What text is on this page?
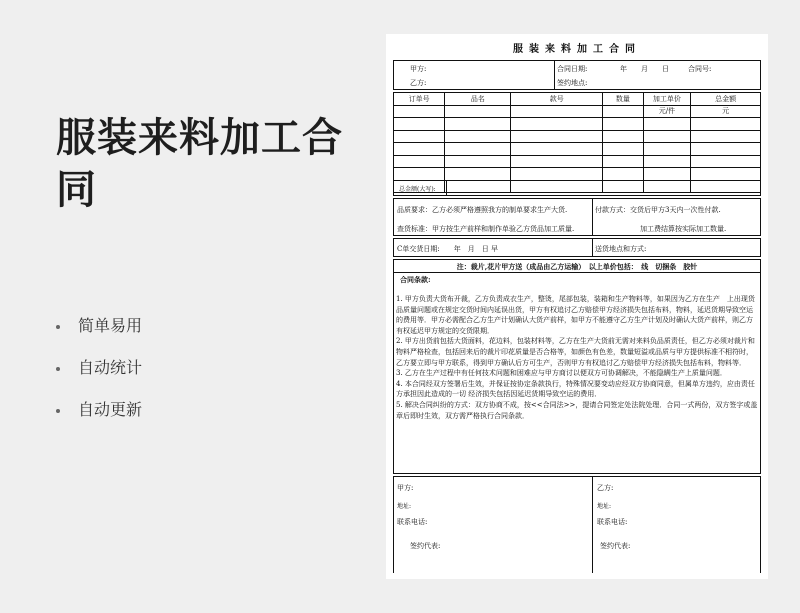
服装来料加工合同
简单易用
自动统计
自动更新
服装来料加工合同
甲方:
乙方:
合同日期:	年　　月　　日	合同号:
签约地点:
订单号	品名	款号	数量	加工单价	总金额
				元/件	元

总金额(大写):
品质要求：乙方必须严格遵照我方的制单要求生产大货.	付款方式：交货后甲方3天内一次性付款.
查货标准：甲方按生产前样和制作单验乙方货品加工质量.	加工费结算按实际加工数量.
C单交货日期:　　年　月　日 早	送货地点和方式:
注：裁片,花片甲方送（成品由乙方运输）　以上单价包括：　线　切捆条　胶针
合同条款:

1. 甲方负责大货布开裁，乙方负责成衣生产，整烫，尾部包装，装箱和生产物料等，如果因为乙方在生产　上出现货品质量问题或在规定交货时间内延误出货，甲方有权追讨乙方赔偿甲方经济损失包括布料，物料，延迟货期导致空运的费用等．甲方必需配合乙方生产计划确认大货产前样，如甲方不能遵守乙方生产计划及时确认大货产前样，则乙方有权延迟甲方规定的交货限期．

2. 甲方出货前包括大货面料，花边料，包装材料等，乙方在生产大货前无需对来料负品质责任，但乙方必须对裁片和物料严格检查，包括回来后的裁片印花质量是否合格等，如颜色有色差，数量短溢或品质与甲方提供标准不相符时，乙方要立即与甲方联系，得到甲方确认后方可生产，否则甲方有权追讨乙方赔偿甲方经济损失包括布料，物料等．

3. 乙方在生产过程中有任何技术问题和困难应与甲方商讨以便双方可协调解决，不能隐瞒生产上质量问题．

4. 本合同经双方签署后生效，并保证按协定条款执行，特殊情况要变动应经双方协商同意，但属单方违约，应由责任方承担因此造成的一切 经济损失包括因延迟货期导致空运的费用．

5. 解决合同纠纷的方式：双方协商不成，按<<合同法>>，提请合同签定处法院处理．合同一式两份，双方签字或盖章后即时生效，双方需严格执行合同条款．

甲方:	乙方:
地址:	地址:
联系电话:	联系电话:
签约代表:	签约代表:
